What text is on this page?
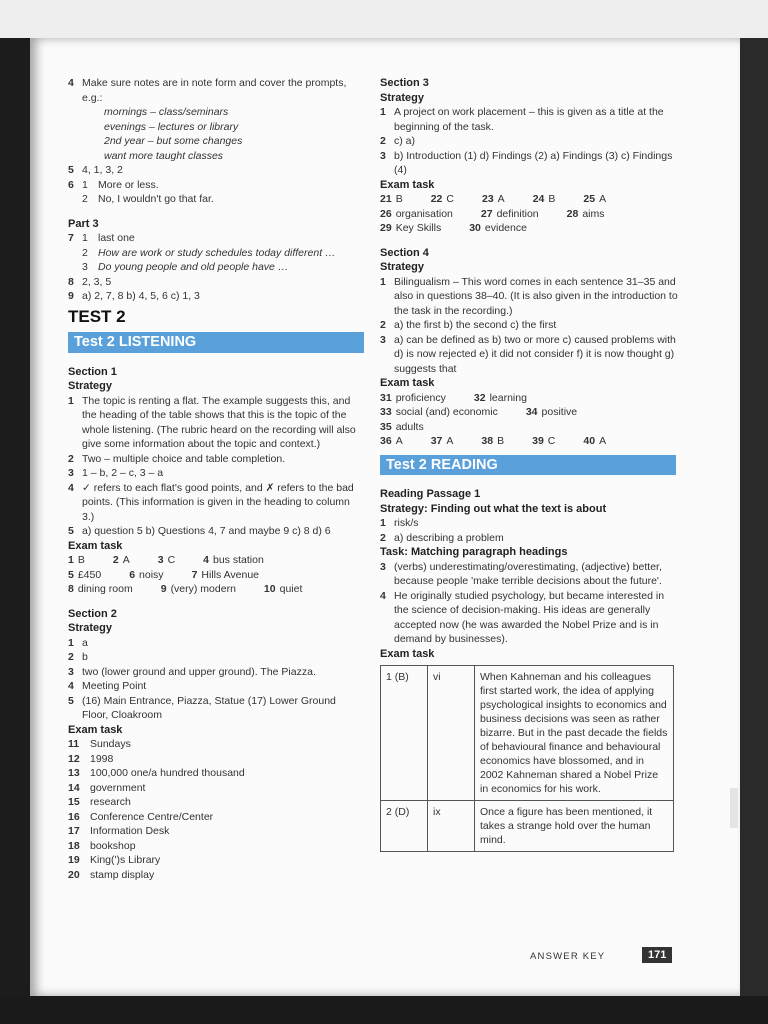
4 Make sure notes are in note form and cover the prompts, e.g.:
mornings – class/seminars
evenings – lectures or library
2nd year – but some changes
want more taught classes
5 4, 1, 3, 2
6 1 More or less.
2 No, I wouldn't go that far.
Part 3
7 1 last one
2 How are work or study schedules today different …
3 Do young people and old people have …
8 2, 3, 5
9 a) 2, 7, 8 b) 4, 5, 6 c) 1, 3
TEST 2
Test 2 LISTENING
Section 1
Strategy
1 The topic is renting a flat. The example suggests this, and the heading of the table shows that this is the topic of the whole listening. (The rubric heard on the recording will also give some information about the topic and context.)
2 Two – multiple choice and table completion.
3 1 – b, 2 – c, 3 – a
4 ✓ refers to each flat's good points, and ✗ refers to the bad points. (This information is given in the heading to column 3.)
5 a) question 5 b) Questions 4, 7 and maybe 9 c) 8 d) 6
Exam task
1 B	2 A	3 C	4 bus station
5 £450	6 noisy	7 Hills Avenue
8 dining room	9 (very) modern	10 quiet
Section 2
Strategy
1 a
2 b
3 two (lower ground and upper ground). The Piazza.
4 Meeting Point
5 (16) Main Entrance, Piazza, Statue (17) Lower Ground Floor, Cloakroom
Exam task
11	Sundays
12 1998
13 100,000 one/a hundred thousand
14 government
15 research
16 Conference Centre/Center
17 Information Desk
18 bookshop
19 King(')s Library
20 stamp display
Section 3
Strategy
1 A project on work placement – this is given as a title at the beginning of the task.
2 c) a)
3 b) Introduction (1) d) Findings (2) a) Findings (3) c) Findings (4)
Exam task
21 B	22 C	23 A	24 B	25 A
26 organisation	27 definition	28 aims
29 Key Skills	30 evidence
Section 4
Strategy
1 Bilingualism – This word comes in each sentence 31–35 and also in questions 38–40. (It is also given in the introduction to the task in the recording.)
2 a) the first b) the second c) the first
3 a) can be defined as b) two or more c) caused problems with d) is now rejected e) it did not consider f) it is now thought g) suggests that
Exam task
31 proficiency	32 learning
33 social (and) economic	34 positive
35 adults
36 A	37 A	38 B	39 C	40 A
Test 2 READING
Reading Passage 1
Strategy: Finding out what the text is about
1 risk/s
2 a) describing a problem
Task: Matching paragraph headings
3 (verbs) underestimating/overestimating, (adjective) better, because people 'make terrible decisions about the future'.
4 He originally studied psychology, but became interested in the science of decision-making. His ideas are generally accepted now (he was awarded the Nobel Prize and is in demand by businesses).
Exam task
1 (B)	vi	When Kahneman and his colleagues first started work, the idea of applying psychological insights to economics and business decisions was seen as rather bizarre. But in the past decade the fields of behavioural finance and behavioural economics have blossomed, and in 2002 Kahneman shared a Nobel Prize in economics for his work.
2 (D)	ix	Once a figure has been mentioned, it takes a strange hold over the human mind.
ANSWER KEY	171
